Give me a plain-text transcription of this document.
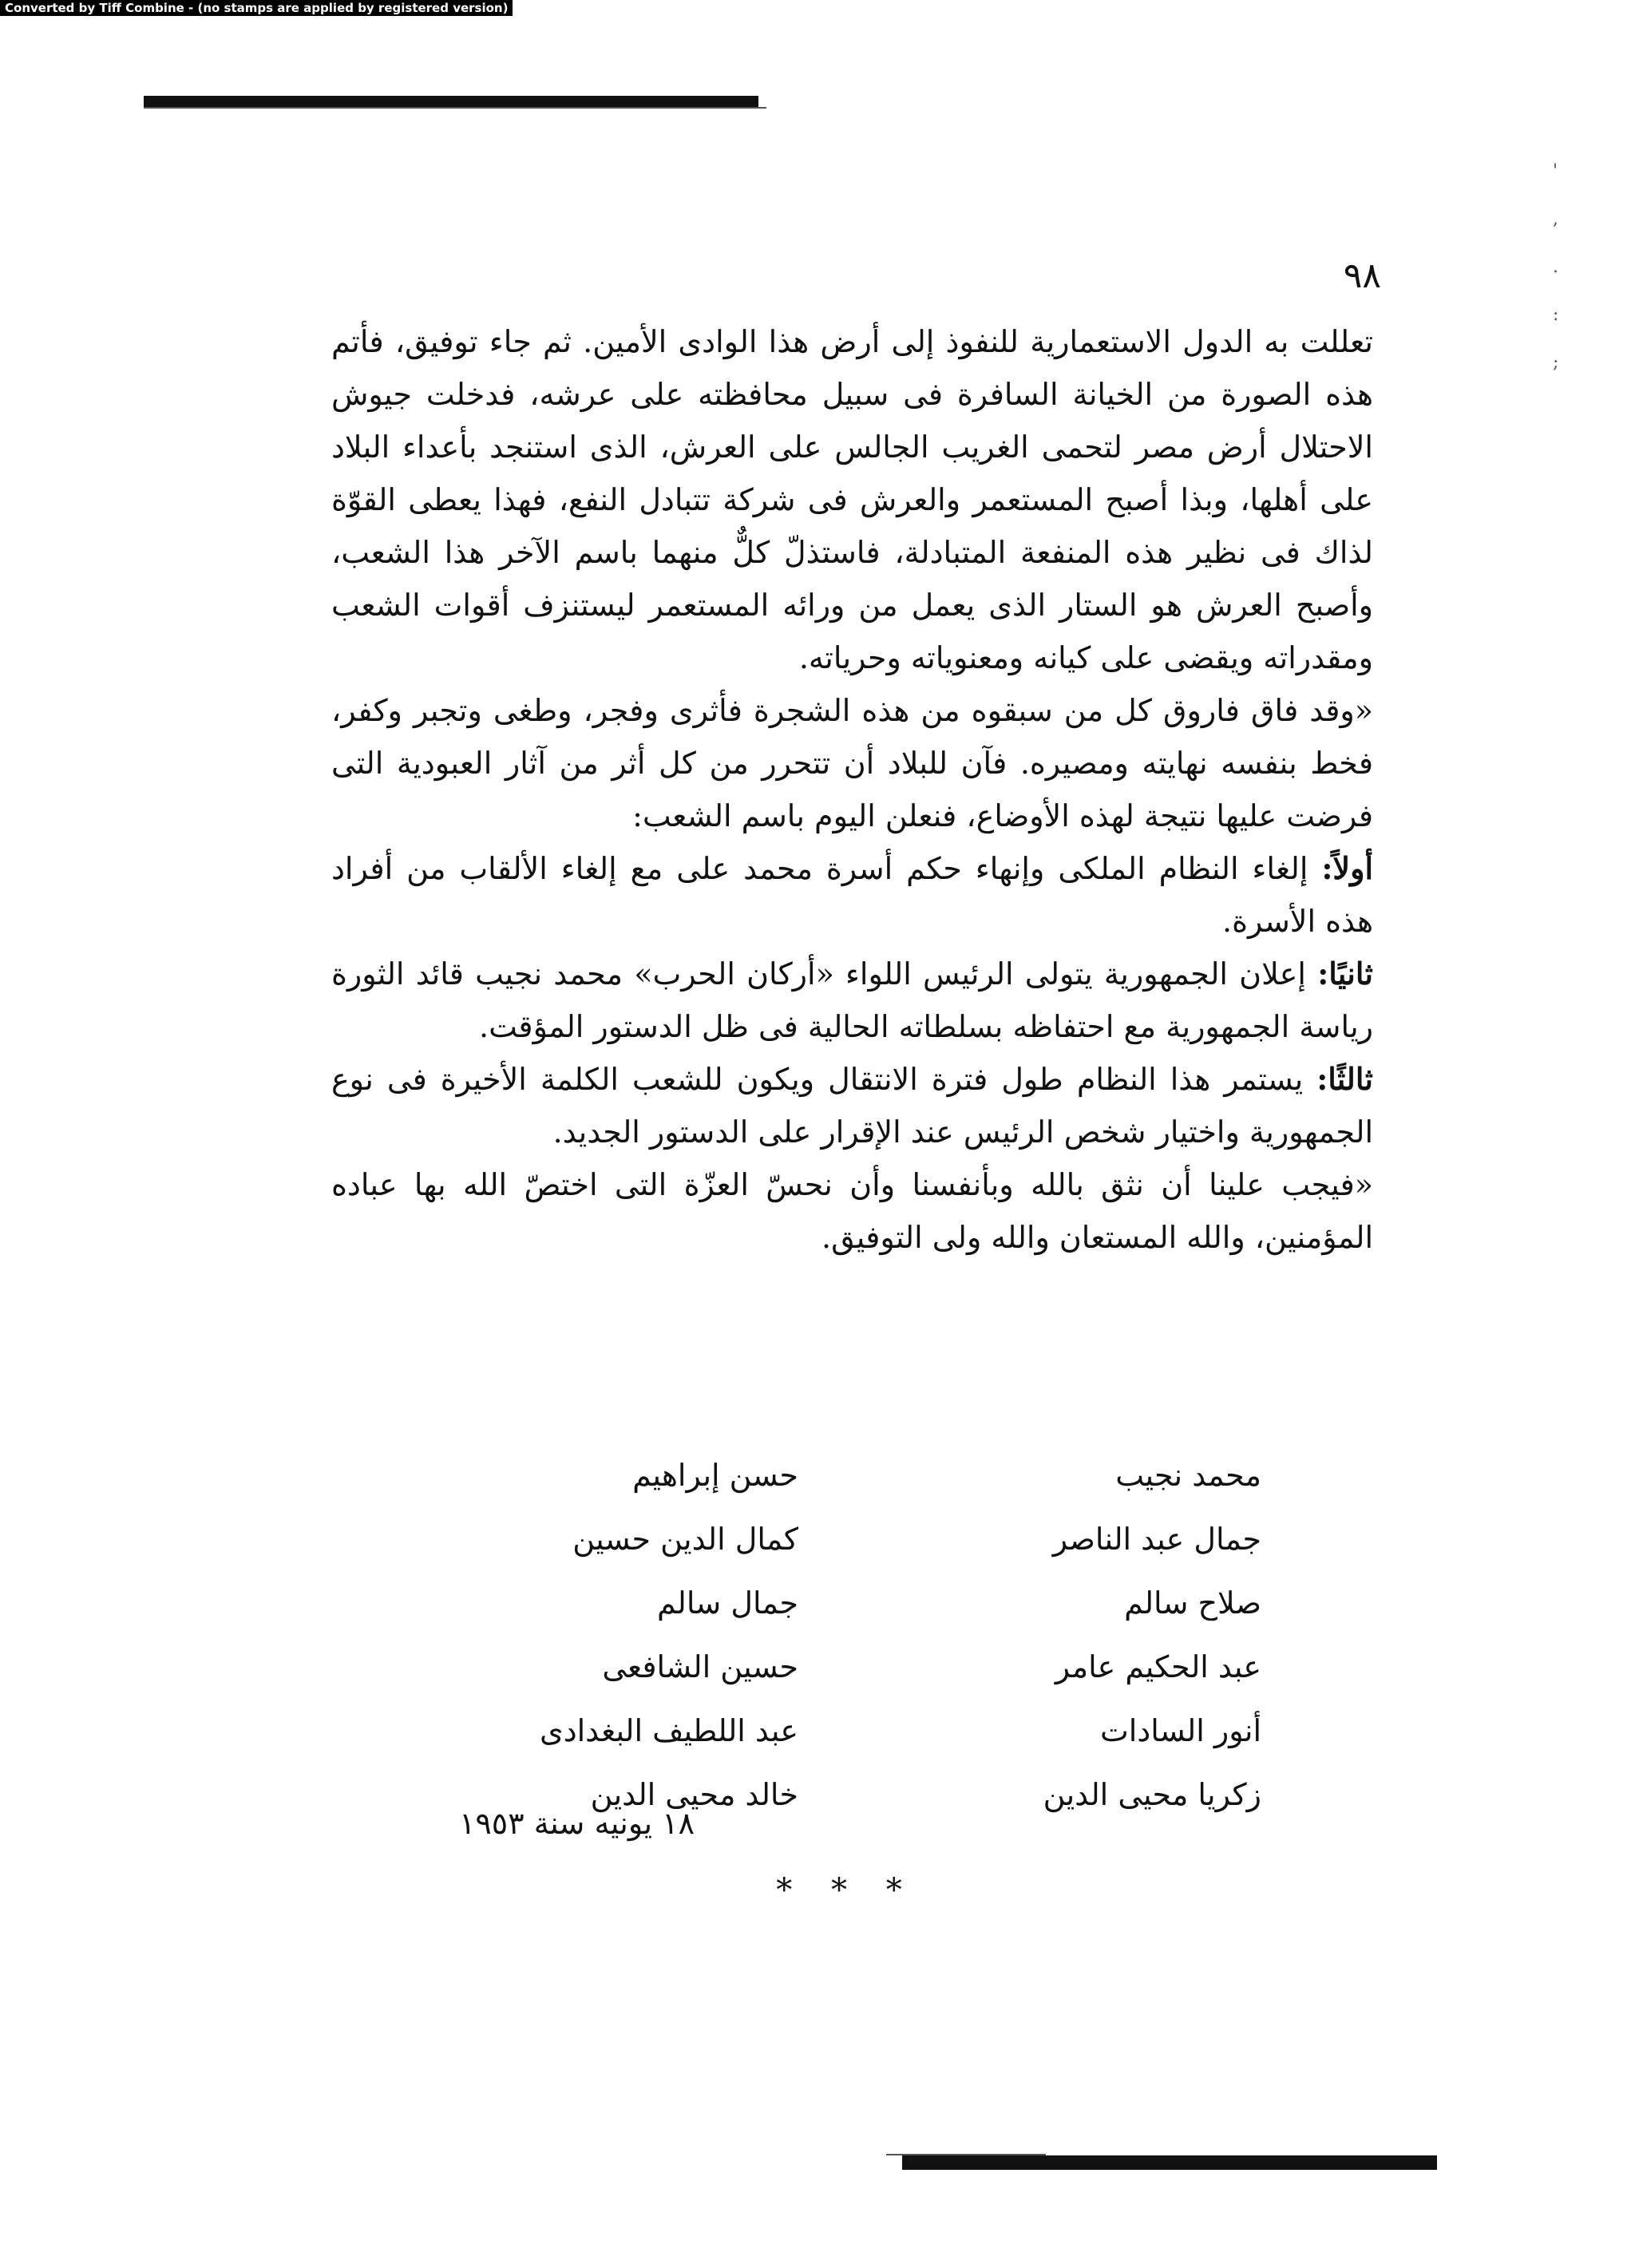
Converted by Tiff Combine - (no stamps are applied by registered version)
'
,
.
:
;
٩٨

تعللت به الدول الاستعمارية للنفوذ إلى أرض هذا الوادى الأمين. ثم جاء توفيق، فأتم هذه الصورة من الخيانة السافرة فى سبيل محافظته على عرشه، فدخلت جيوش الاحتلال أرض مصر لتحمى الغريب الجالس على العرش، الذى استنجد بأعداء البلاد على أهلها، وبذا أصبح المستعمر والعرش فى شركة تتبادل النفع، فهذا يعطى القوّة لذاك فى نظير هذه المنفعة المتبادلة، فاستذلّ كلٌّ منهما باسم الآخر هذا الشعب، وأصبح العرش هو الستار الذى يعمل من ورائه المستعمر ليستنزف أقوات الشعب ومقدراته ويقضى على كيانه ومعنوياته وحرياته.

«وقد فاق فاروق كل من سبقوه من هذه الشجرة فأثرى وفجر، وطغى وتجبر وكفر، فخط بنفسه نهايته ومصيره. فآن للبلاد أن تتحرر من كل أثر من آثار العبودية التى فرضت عليها نتيجة لهذه الأوضاع، فنعلن اليوم باسم الشعب:

أولاً: إلغاء النظام الملكى وإنهاء حكم أسرة محمد على مع إلغاء الألقاب من أفراد هذه الأسرة.

ثانيًا: إعلان الجمهورية يتولى الرئيس اللواء «أركان الحرب» محمد نجيب قائد الثورة رياسة الجمهورية مع احتفاظه بسلطاته الحالية فى ظل الدستور المؤقت.

ثالثًا: يستمر هذا النظام طول فترة الانتقال ويكون للشعب الكلمة الأخيرة فى نوع الجمهورية واختيار شخص الرئيس عند الإقرار على الدستور الجديد.

«فيجب علينا أن نثق بالله وبأنفسنا وأن نحسّ العزّة التى اختصّ الله بها عباده المؤمنين، والله المستعان والله ولى التوفيق.

محمد نجيب
حسن إبراهيم
جمال عبد الناصر
كمال الدين حسين
صلاح سالم
جمال سالم
عبد الحكيم عامر
حسين الشافعى
أنور السادات
عبد اللطيف البغدادى
زكريا محيى الدين
خالد محيى الدين
١٨ يونيه سنة ١٩٥٣
* * *
